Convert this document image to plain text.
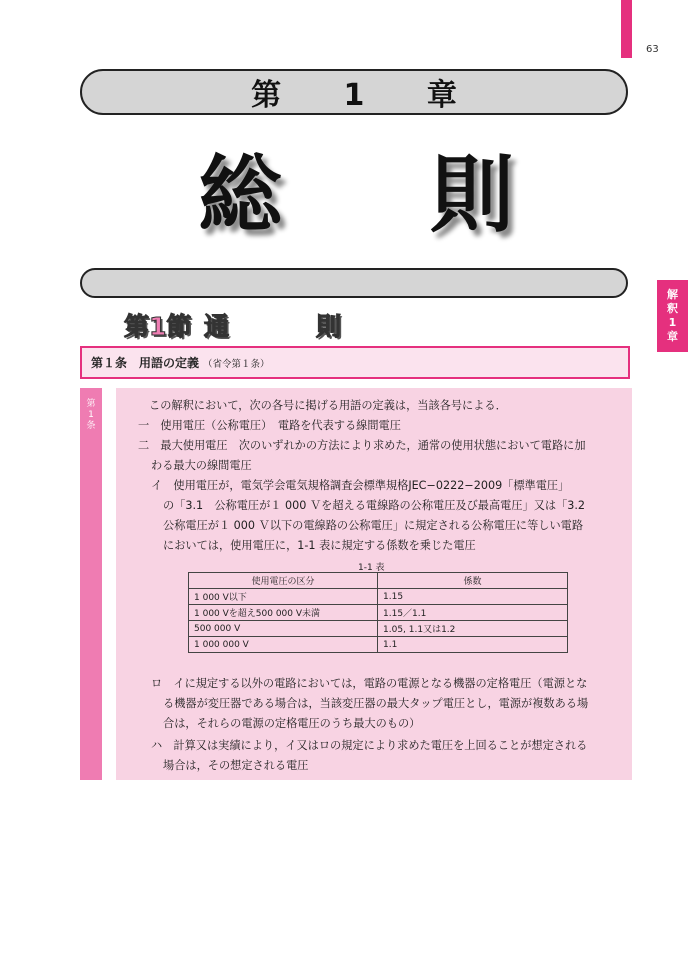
63
第 1 章
総 則
第1節 通	則
解
釈
1
章
第１条 用語の定義 （省令第１条）
第
1
条
この解釈において，次の各号に掲げる用語の定義は，当該各号による．
一　使用電圧（公称電圧）　電路を代表する線間電圧
二　最大使用電圧　次のいずれかの方法により求めた，通常の使用状態において電路に加
わる最大の線間電圧
イ　使用電圧が，電気学会電気規格調査会標準規格JEC−0222−2009「標準電圧」
の「3.1　公称電圧が１ 000 Ｖを超える電線路の公称電圧及び最高電圧」又は「3.2
公称電圧が１ 000 Ｖ以下の電線路の公称電圧」に規定される公称電圧に等しい電路
においては，使用電圧に，1-1 表に規定する係数を乗じた電圧
1-1 表
使用電圧の区分	係数
1 000 V以下	1.15
1 000 Vを超え500 000 V未満	1.15／1.1
500 000 V	1.05, 1.1又は1.2
1 000 000 V	1.1
ロ　イに規定する以外の電路においては，電路の電源となる機器の定格電圧（電源とな
る機器が変圧器である場合は，当該変圧器の最大タップ電圧とし，電源が複数ある場
合は，それらの電源の定格電圧のうち最大のもの）
ハ　計算又は実績により，イ又はロの規定により求めた電圧を上回ることが想定される
場合は，その想定される電圧
